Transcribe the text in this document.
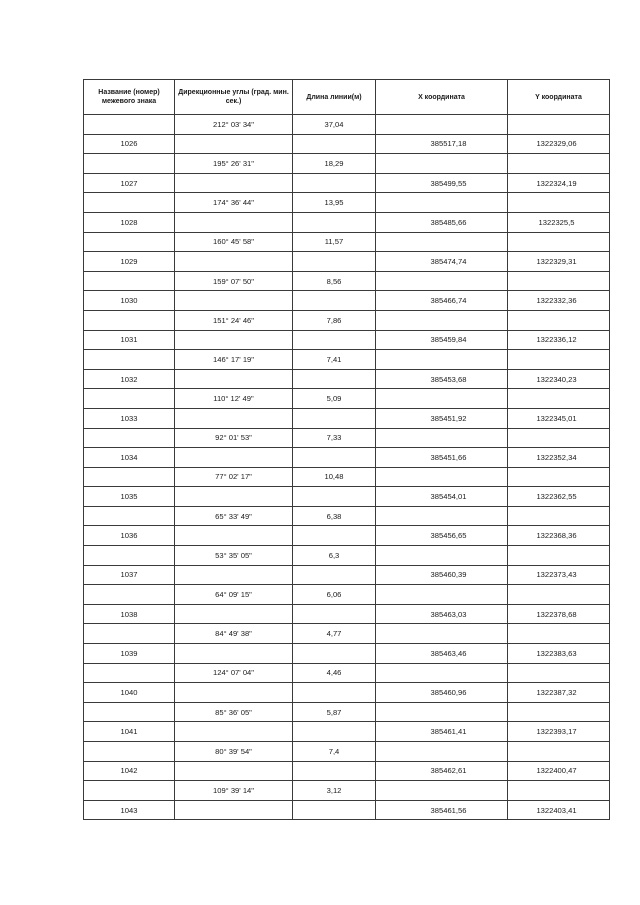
Название (номер) межевого знака	Дирекционные углы (град. мин. сек.)	Длина линии(м)	X координата	Y координата
	212° 03' 34"	37,04		
1026			385517,18	1322329,06
	195° 26' 31"	18,29		
1027			385499,55	1322324,19
	174° 36' 44"	13,95		
1028			385485,66	1322325,5
	160° 45' 58"	11,57		
1029			385474,74	1322329,31
	159° 07' 50"	8,56		
1030			385466,74	1322332,36
	151° 24' 46"	7,86		
1031			385459,84	1322336,12
	146° 17' 19"	7,41		
1032			385453,68	1322340,23
	110° 12' 49"	5,09		
1033			385451,92	1322345,01
	92° 01' 53"	7,33		
1034			385451,66	1322352,34
	77° 02' 17"	10,48		
1035			385454,01	1322362,55
	65° 33' 49"	6,38		
1036			385456,65	1322368,36
	53° 35' 05"	6,3		
1037			385460,39	1322373,43
	64° 09' 15"	6,06		
1038			385463,03	1322378,68
	84° 49' 38"	4,77		
1039			385463,46	1322383,63
	124° 07' 04"	4,46		
1040			385460,96	1322387,32
	85° 36' 05"	5,87		
1041			385461,41	1322393,17
	80° 39' 54"	7,4		
1042			385462,61	1322400,47
	109° 39' 14"	3,12		
1043			385461,56	1322403,41
